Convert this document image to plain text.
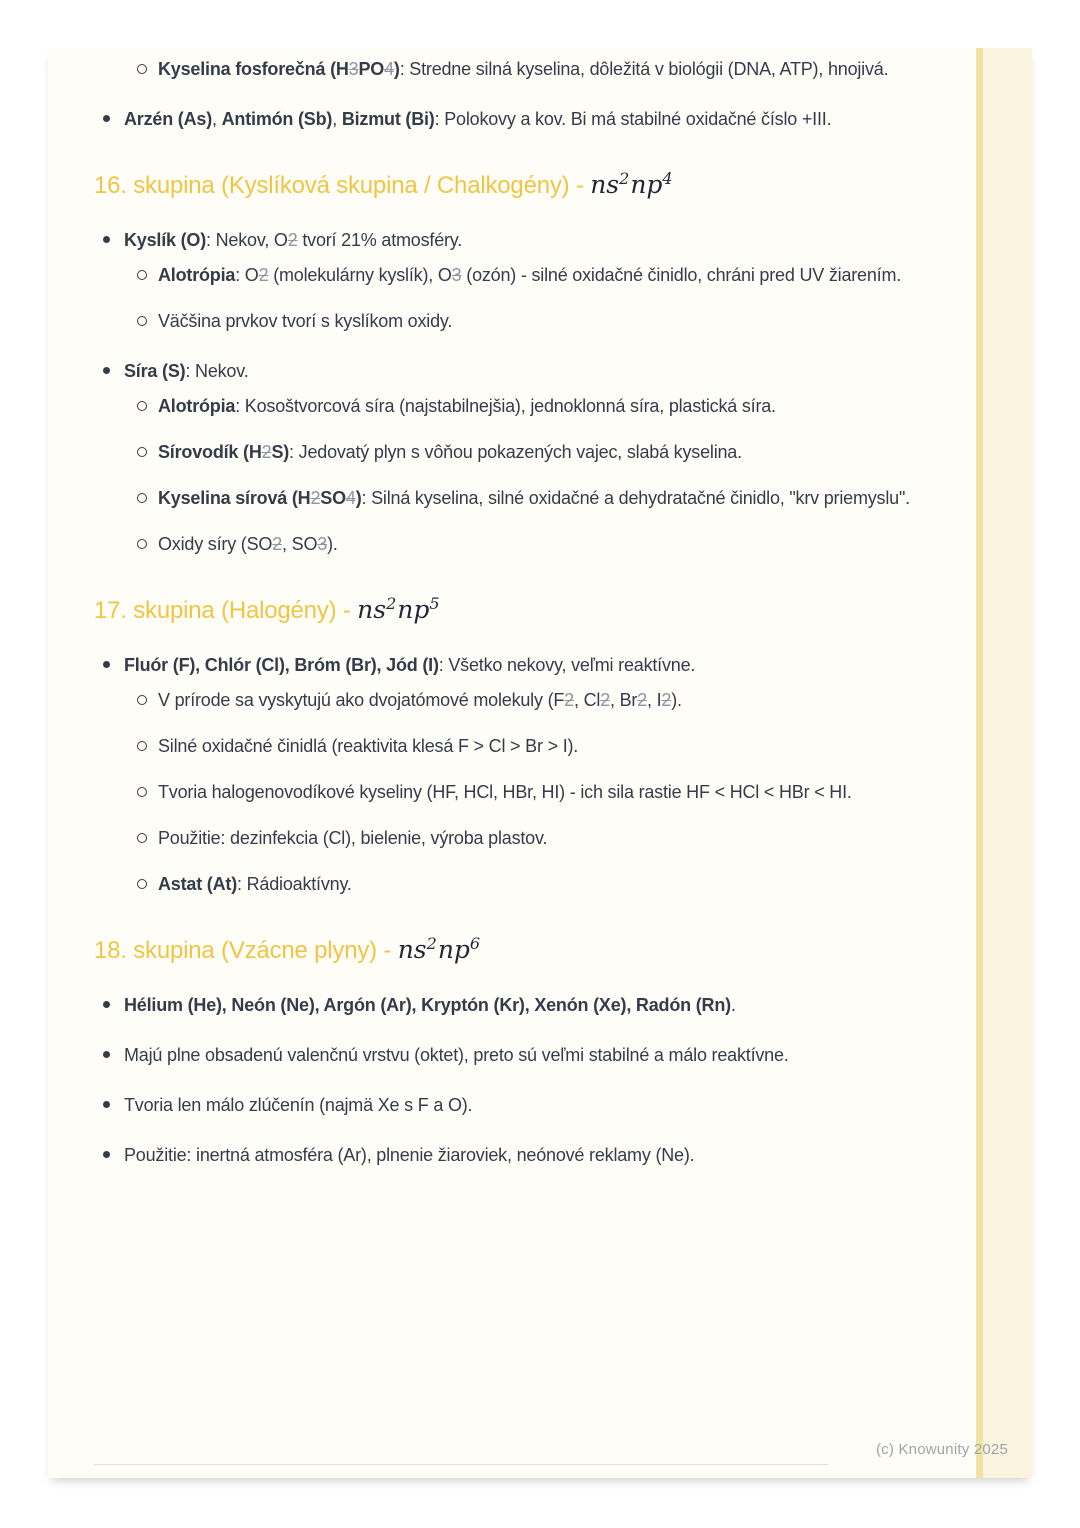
Kyselina fosforečná (H3PO4): Stredne silná kyselina, dôležitá v biológii (DNA, ATP), hnojivá.
Arzén (As), Antimón (Sb), Bizmut (Bi): Polokovy a kov. Bi má stabilné oxidačné číslo +III.
16. skupina (Kyslíková skupina / Chalkogény) - $ns^2np^4$
Kyslík (O): Nekov, O2 tvorí 21% atmosféry.
Alotrópia: O2 (molekulárny kyslík), O3 (ozón) - silné oxidačné činidlo, chráni pred UV žiarením.
Väčšina prvkov tvorí s kyslíkom oxidy.
Síra (S): Nekov.
Alotrópia: Kosoštvorcová síra (najstabilnejšia), jednoklonná síra, plastická síra.
Sírovodík (H2S): Jedovatý plyn s vôňou pokazených vajec, slabá kyselina.
Kyselina sírová (H2SO4): Silná kyselina, silné oxidačné a dehydratačné činidlo, "krv priemyslu".
Oxidy síry (SO2, SO3).
17. skupina (Halogény) - $ns^2np^5$
Fluór (F), Chlór (Cl), Bróm (Br), Jód (I): Všetko nekovy, veľmi reaktívne.
V prírode sa vyskytujú ako dvojatómové molekuly (F2, Cl2, Br2, I2).
Silné oxidačné činidlá (reaktivita klesá F > Cl > Br > I).
Tvoria halogenovodíkové kyseliny (HF, HCl, HBr, HI) - ich sila rastie HF < HCl < HBr < HI.
Použitie: dezinfekcia (Cl), bielenie, výroba plastov.
Astat (At): Rádioaktívny.
18. skupina (Vzácne plyny) - $ns^2np^6$
Hélium (He), Neón (Ne), Argón (Ar), Kryptón (Kr), Xenón (Xe), Radón (Rn).
Majú plne obsadenú valenčnú vrstvu (oktet), preto sú veľmi stabilné a málo reaktívne.
Tvoria len málo zlúčenín (najmä Xe s F a O).
Použitie: inertná atmosféra (Ar), plnenie žiaroviek, neónové reklamy (Ne).
(c) Knowunity 2025
